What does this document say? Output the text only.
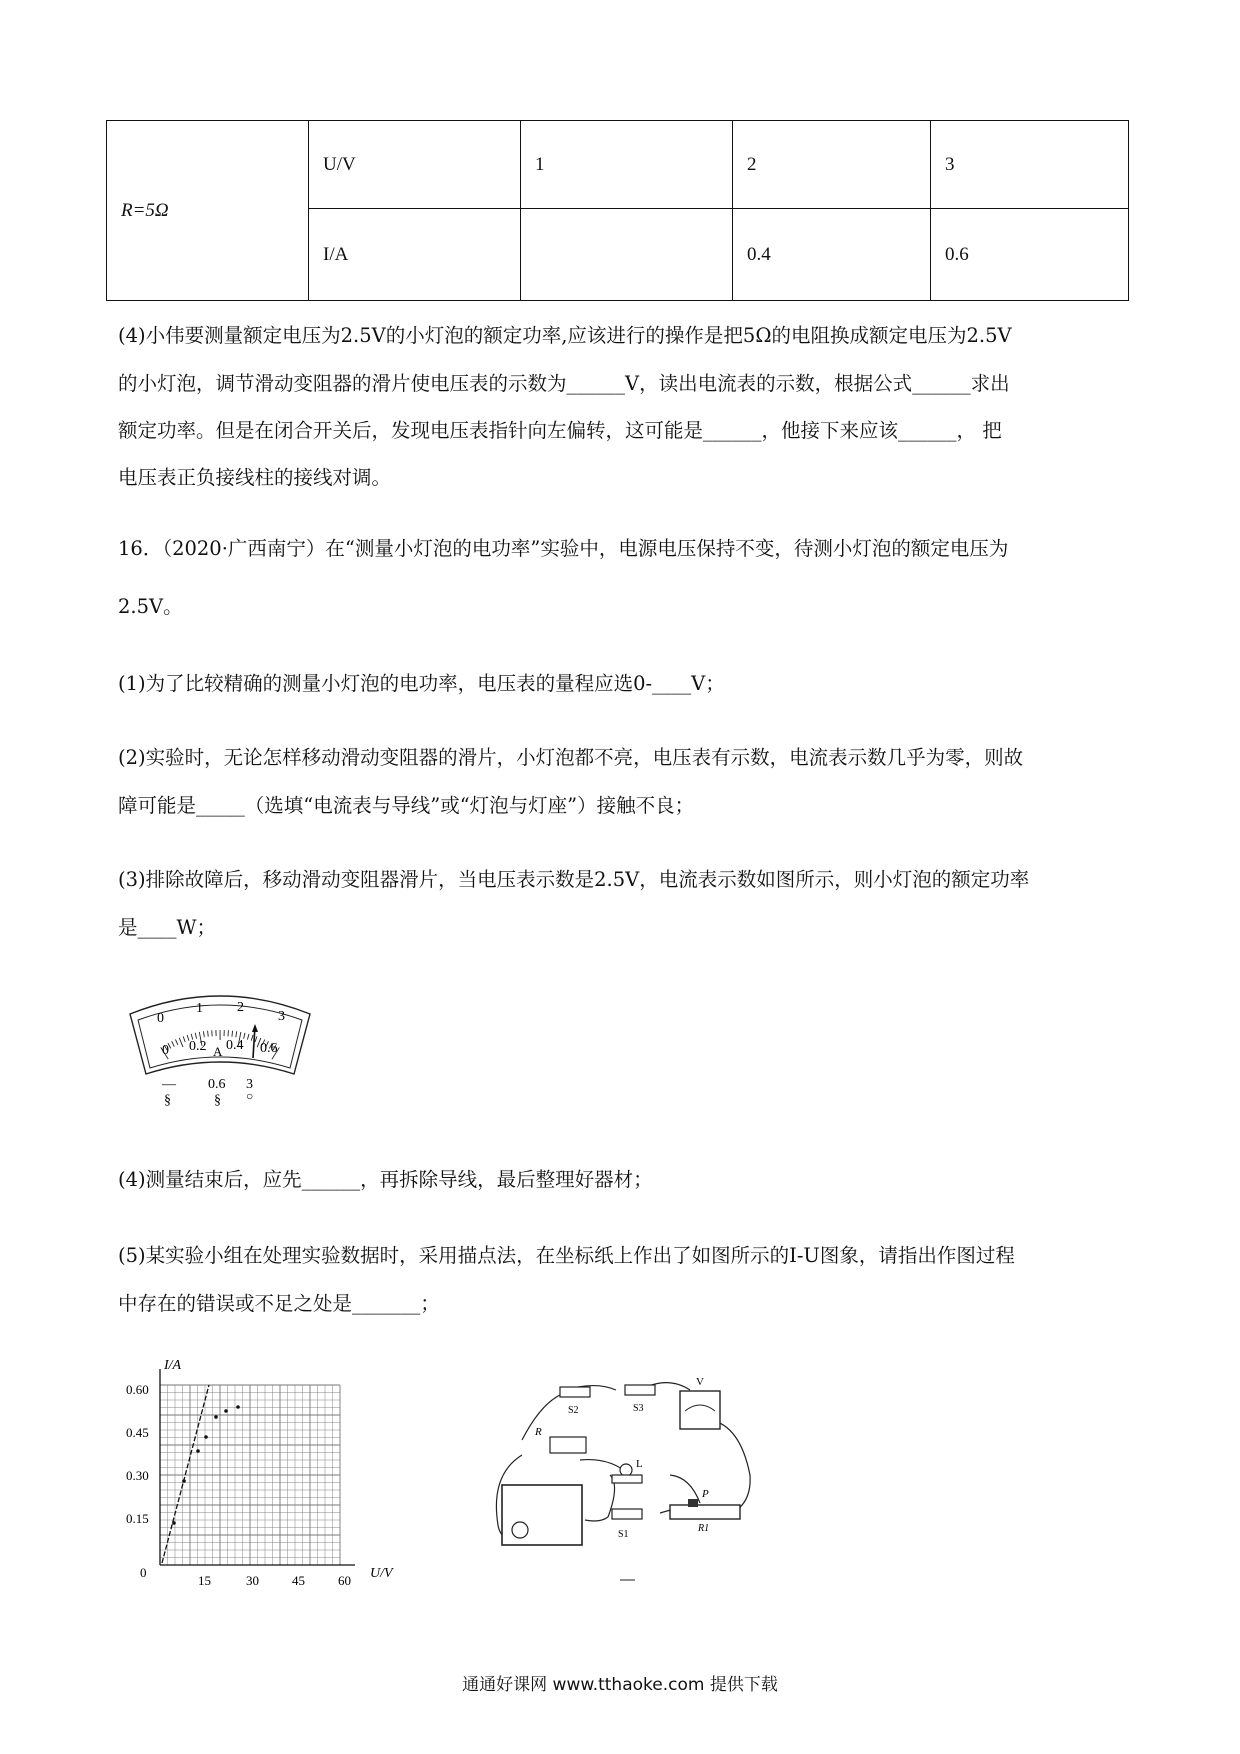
R=5Ω	U/V	1	2	3
	I/A		0.4	0.6
(4)小伟要测量额定电压为2.5V的小灯泡的额定功率,应该进行的操作是把5Ω的电阻换成额定电压为2.5V
的小灯泡，调节滑动变阻器的滑片使电压表的示数为______V，读出电流表的示数，根据公式______求出
额定功率。但是在闭合开关后，发现电压表指针向左偏转，这可能是______，他接下来应该______， 把
电压表正负接线柱的接线对调。
16．（2020·广西南宁）在“测量小灯泡的电功率”实验中，电源电压保持不变，待测小灯泡的额定电压为
2.5V。
(1)为了比较精确的测量小灯泡的电功率，电压表的量程应选0-____V；
(2)实验时，无论怎样移动滑动变阻器的滑片，小灯泡都不亮，电压表有示数，电流表示数几乎为零，则故
障可能是_____（选填“电流表与导线”或“灯泡与灯座”）接触不良；
(3)排除故障后，移动滑动变阻器滑片，当电压表示数是2.5V，电流表示数如图所示，则小灯泡的额定功率
是____W；
0
1 2
3
0 0.2 0.4 0.6
A
— 0.6 3
§	§ ○
(4)测量结束后，应先______，再拆除导线，最后整理好器材；
(5)某实验小组在处理实验数据时，采用描点法，在坐标纸上作出了如图所示的I-U图象，请指出作图过程
中存在的错误或不足之处是_______；
I/A
U/V
0
0.15
0.30
0.45
0.60
15	30	45	60
R
S2	S3
V
L
P
S1
R1
通通好课网 www.tthaoke.com 提供下载
